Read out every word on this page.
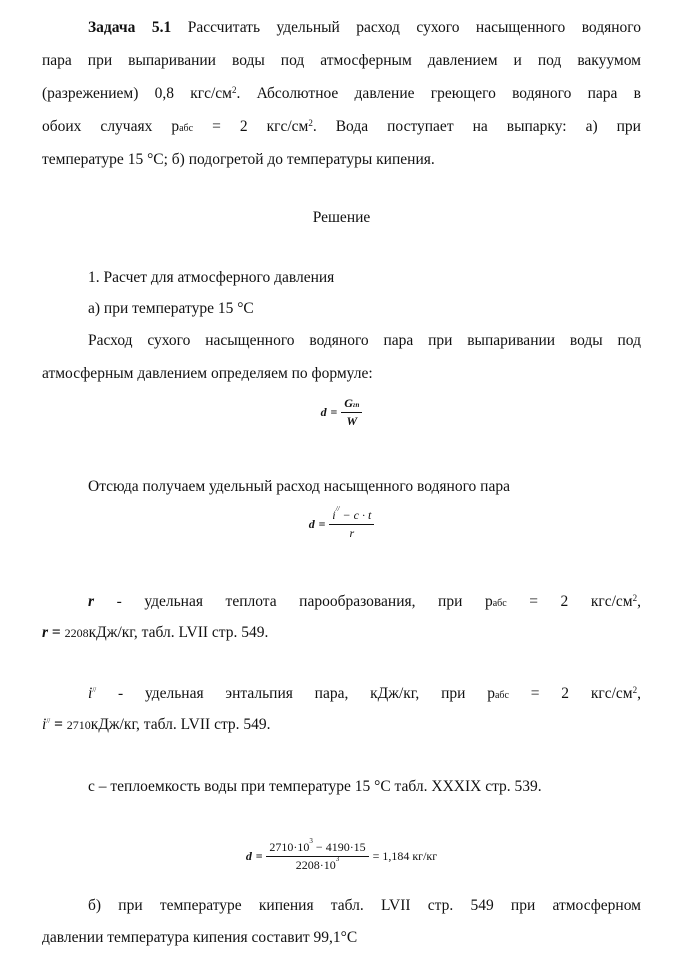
Задача 5.1 Рассчитать удельный расход сухого насыщенного водяного
пара при выпаривании воды под атмосферным давлением и под вакуумом
(разрежением) 0,8 кгс/$см^2$. Абсолютное давление греющего водяного пара в
обоих случаях рабс = 2 кгс/$см^2$. Вода поступает на выпарку: а) при
температуре 15 °С; б) подогретой до температуры кипения.
Решение
1. Расчет для атмосферного давления
а) при температуре 15 °С
Расход сухого насыщенного водяного пара при выпаривании воды под
атмосферным давлением определяем по формуле:
$d = \frac{\text{Gгп}}{W}$
Отсюда получаем удельный расход насыщенного водяного пара
$d = \frac{i^{//} - c \cdot t}{r}$
r - удельная теплота парообразования, при рабс = 2 кгс/$см^2$,
r = 2208кДж/кг, табл. LVII стр. 549.
i// - удельная энтальпия пара, кДж/кг, при рабс = 2 кгс/$см^2$,
i// = 2710кДж/кг, табл. LVII стр. 549.
с – теплоемкость воды при температуре 15 °С табл. XXXIX стр. 539.
$d = \frac{2710\cdot 10^3 - 4190\cdot 15}{2208\cdot 10^3} = 1,184$ кг/кг
б) при температуре кипения табл. LVII стр. 549 при атмосферном
давлении температура кипения составит 99,1°С
